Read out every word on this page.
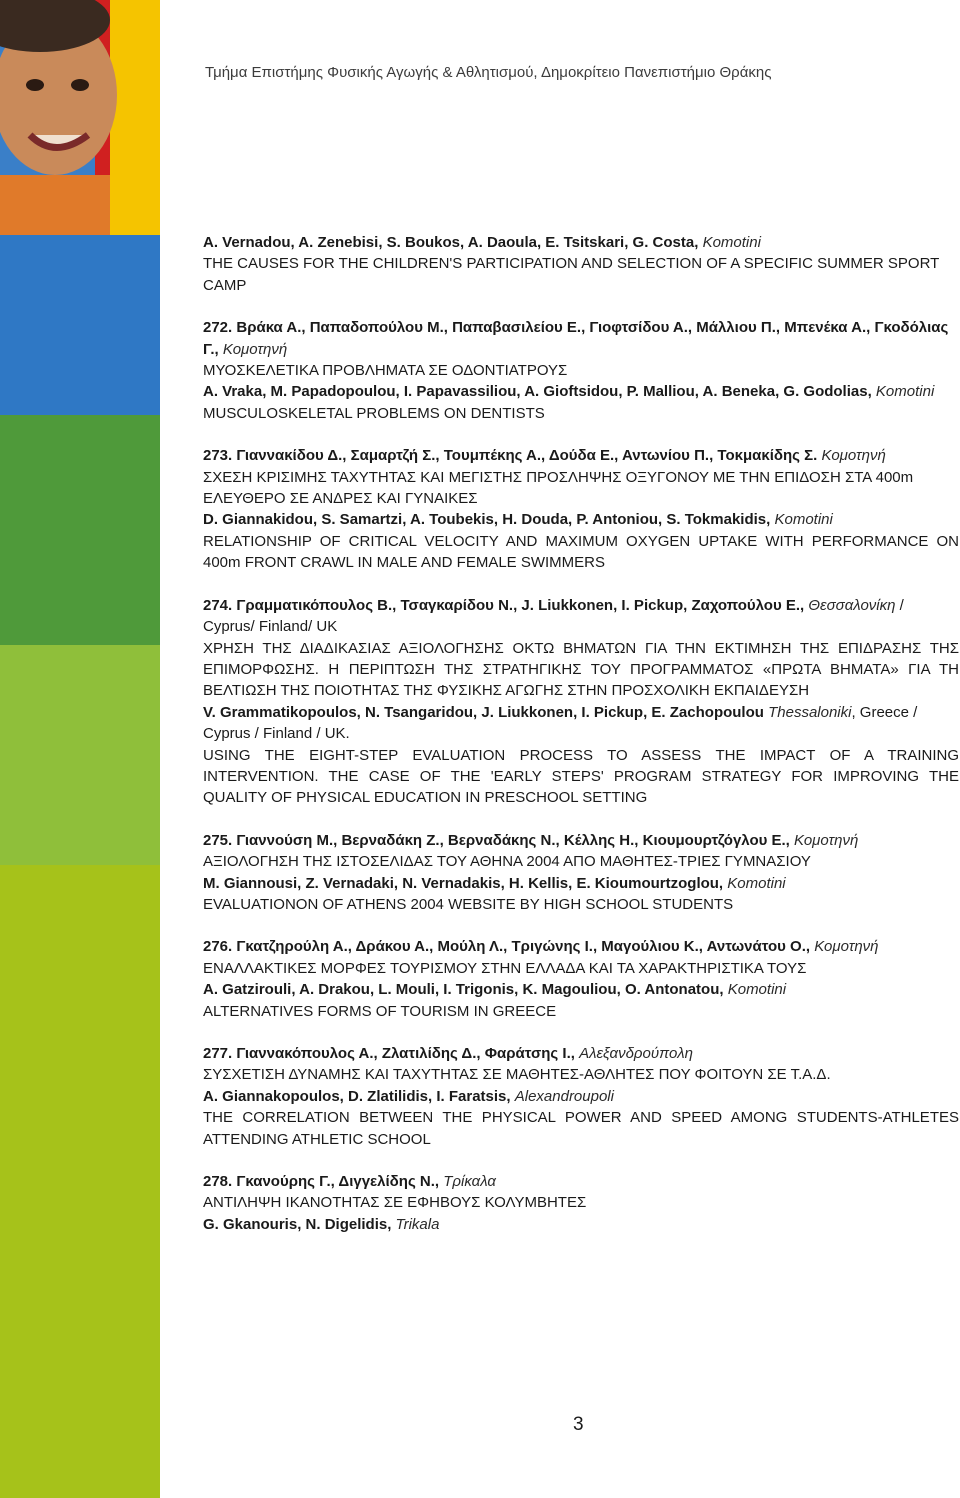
Τμήμα Επιστήμης Φυσικής Αγωγής & Αθλητισμού, Δημοκρίτειο Πανεπιστήμιο Θράκης
A. Vernadou, A. Zenebisi, S. Boukos, A. Daoula, E. Tsitskari, G. Costa, Komotini
THE CAUSES FOR THE CHILDREN'S PARTICIPATION AND SELECTION OF A SPECIFIC SUMMER SPORT CAMP
272. Βράκα Α., Παπαδοπούλου Μ., Παπαβασιλείου Ε., Γιοφτσίδου Α., Μάλλιου Π., Μπενέκα Α., Γκοδόλιας Γ., Κομοτηνή
ΜΥΟΣΚΕΛΕΤΙΚΑ ΠΡΟΒΛΗΜΑΤΑ ΣΕ ΟΔΟΝΤΙΑΤΡΟΥΣ
A. Vraka, M. Papadopoulou, I. Papavassiliou, A. Gioftsidou, P. Malliou, A. Beneka, G. Godolias, Komotini
MUSCULOSKELETAL PROBLEMS ON DENTISTS
273. Γιαννακίδου Δ., Σαμαρτζή Σ., Τουμπέκης Α., Δούδα Ε., Αντωνίου Π., Τοκμακίδης Σ. Κομοτηνή
ΣΧΕΣΗ ΚΡΙΣΙΜΗΣ ΤΑΧΥΤΗΤΑΣ ΚΑΙ ΜΕΓΙΣΤΗΣ ΠΡΟΣΛΗΨΗΣ ΟΞΥΓΟΝΟΥ ΜΕ ΤΗΝ ΕΠΙΔΟΣΗ ΣΤΑ 400m ΕΛΕΥΘΕΡΟ ΣΕ ΑΝΔΡΕΣ ΚΑΙ ΓΥΝΑΙΚΕΣ
D. Giannakidou, S. Samartzi, A. Toubekis, H. Douda, P. Antoniou, S. Tokmakidis, Komotini
RELATIONSHIP OF CRITICAL VELOCITY AND MAXIMUM OXYGEN UPTAKE WITH PERFORMANCE ON 400m FRONT CRAWL IN MALE AND FEMALE SWIMMERS
274. Γραμματικόπουλος Β., Τσαγκαρίδου Ν., J. Liukkonen, I. Pickup, Ζαχοπούλου Ε., Θεσσαλονίκη / Cyprus/ Finland/ UK
ΧΡΗΣΗ ΤΗΣ ΔΙΑΔΙΚΑΣΙΑΣ ΑΞΙΟΛΟΓΗΣΗΣ ΟΚΤΩ ΒΗΜΑΤΩΝ ΓΙΑ ΤΗΝ ΕΚΤΙΜΗΣΗ ΤΗΣ ΕΠΙΔΡΑΣΗΣ ΤΗΣ ΕΠΙΜΟΡΦΩΣΗΣ. Η ΠΕΡΙΠΤΩΣΗ ΤΗΣ ΣΤΡΑΤΗΓΙΚΗΣ ΤΟΥ ΠΡΟΓΡΑΜΜΑΤΟΣ «ΠΡΩΤΑ ΒΗΜΑΤΑ» ΓΙΑ ΤΗ ΒΕΛΤΙΩΣΗ ΤΗΣ ΠΟΙΟΤΗΤΑΣ ΤΗΣ ΦΥΣΙΚΗΣ ΑΓΩΓΗΣ ΣΤΗΝ ΠΡΟΣΧΟΛΙΚΗ ΕΚΠΑΙΔΕΥΣΗ
V. Grammatikopoulos, N. Tsangaridou, J. Liukkonen, I. Pickup, E. Zachopoulou Thessaloniki, Greece / Cyprus / Finland / UK.
USING THE EIGHT-STEP EVALUATION PROCESS TO ASSESS THE IMPACT OF A TRAINING INTERVENTION. THE CASE OF THE 'EARLY STEPS' PROGRAM STRATEGY FOR IMPROVING THE QUALITY OF PHYSICAL EDUCATION IN PRESCHOOL SETTING
275. Γιαννούση Μ., Βερναδάκη Ζ., Βερναδάκης Ν., Κέλλης Η., Κιουμουρτζόγλου Ε., Κομοτηνή
ΑΞΙΟΛΟΓΗΣΗ ΤΗΣ ΙΣΤΟΣΕΛΙΔΑΣ ΤΟΥ ΑΘΗΝΑ 2004 ΑΠΟ ΜΑΘΗΤΕΣ-ΤΡΙΕΣ ΓΥΜΝΑΣΙΟΥ
M. Giannousi, Z. Vernadaki, N. Vernadakis, H. Kellis, E. Kioumourtzoglou, Komotini
EVALUATIONON OF ATHENS 2004 WEBSITE BY HIGH SCHOOL STUDENTS
276. Γκατζηρούλη Α., Δράκου Α., Μούλη Λ., Τριγώνης Ι., Μαγούλιου Κ., Αντωνάτου Ο., Κομοτηνή
ΕΝΑΛΛΑΚΤΙΚΕΣ ΜΟΡΦΕΣ ΤΟΥΡΙΣΜΟΥ ΣΤΗΝ ΕΛΛΑΔΑ ΚΑΙ ΤΑ ΧΑΡΑΚΤΗΡΙΣΤΙΚΑ ΤΟΥΣ
A. Gatzirouli, A. Drakou, L. Mouli, I. Trigonis, K. Magouliou, O. Antonatou, Komotini
ALTERNATIVES FORMS OF TOURISM IN GREECE
277. Γιαννακόπουλος Α., Ζλατιλίδης Δ., Φαράτσης Ι., Αλεξανδρούπολη
ΣΥΣΧΕΤΙΣΗ ΔΥΝΑΜΗΣ ΚΑΙ ΤΑΧΥΤΗΤΑΣ ΣΕ ΜΑΘΗΤΕΣ-ΑΘΛΗΤΕΣ ΠΟΥ ΦΟΙΤΟΥΝ ΣΕ Τ.Α.Δ.
A. Giannakopoulos, D. Zlatilidis, I. Faratsis, Alexandroupoli
THE CORRELATION BETWEEN THE PHYSICAL POWER AND SPEED AMONG STUDENTS-ATHLETES ATTENDING ATHLETIC SCHOOL
278. Γκανούρης Γ., Διγγελίδης Ν., Τρίκαλα
ΑΝΤΙΛΗΨΗ ΙΚΑΝΟΤΗΤΑΣ ΣΕ ΕΦΗΒΟΥΣ ΚΟΛΥΜΒΗΤΕΣ
G. Gkanouris, N. Digelidis, Trikala
3
